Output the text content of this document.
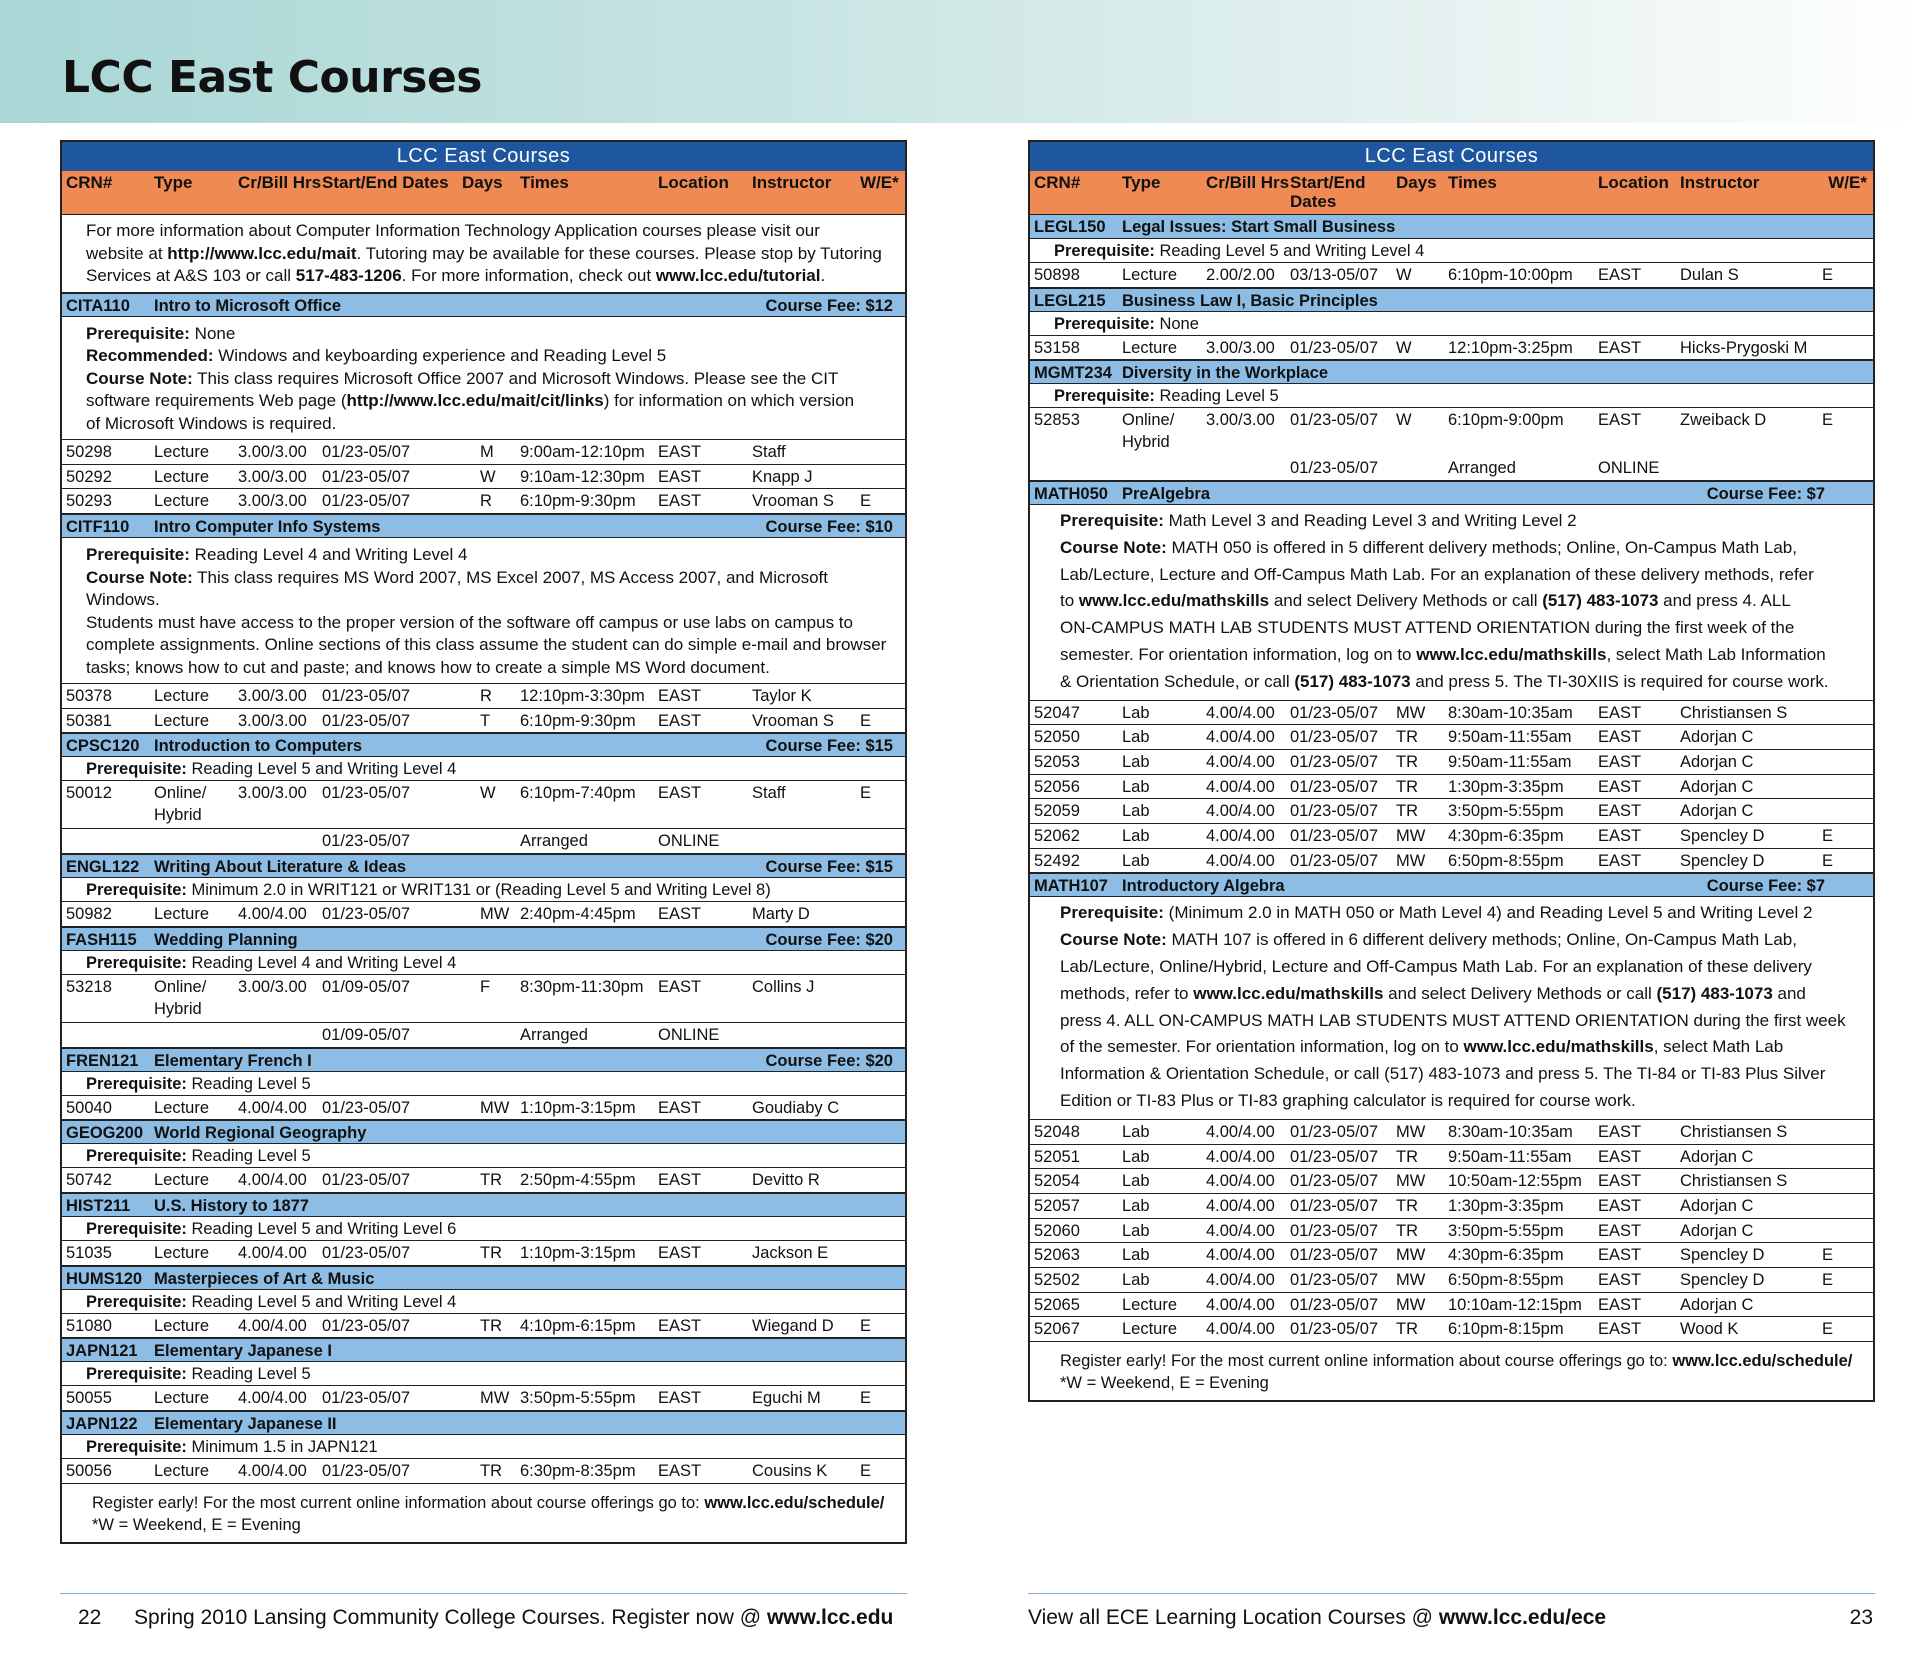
LCC East Courses
LCC East Courses
CRN#	Type	Cr/Bill Hrs Start/End Dates Days	Times	Location	Instructor	W/E*
For more information about Computer Information Technology Application courses please visit our
website at http://www.lcc.edu/mait. Tutoring may be available for these courses. Please stop by Tutoring
Services at A&S 103 or call 517-483-1206. For more information, check out www.lcc.edu/tutorial.
CITA110	Intro to Microsoft Office	Course Fee: $12
Prerequisite: None
Recommended: Windows and keyboarding experience and Reading Level 5
Course Note: This class requires Microsoft Office 2007 and Microsoft Windows. Please see the CIT
software requirements Web page (http://www.lcc.edu/mait/cit/links) for information on which version
of Microsoft Windows is required.
50298	Lecture	3.00/3.00 01/23-05/07	M	9:00am-12:10pm EAST	Staff
50292	Lecture	3.00/3.00 01/23-05/07	W	9:10am-12:30pm EAST	Knapp J
50293	Lecture	3.00/3.00 01/23-05/07	R	6:10pm-9:30pm	EAST	Vrooman S	E
CITF110	Intro Computer Info Systems	Course Fee: $10
Prerequisite: Reading Level 4 and Writing Level 4
Course Note: This class requires MS Word 2007, MS Excel 2007, MS Access 2007, and Microsoft Windows.
Students must have access to the proper version of the software off campus or use labs on campus to
complete assignments. Online sections of this class assume the student can do simple e-mail and browser
tasks; knows how to cut and paste; and knows how to create a simple MS Word document.
50378	Lecture	3.00/3.00 01/23-05/07	R	12:10pm-3:30pm EAST	Taylor K
50381	Lecture	3.00/3.00 01/23-05/07	T	6:10pm-9:30pm	EAST	Vrooman S	E
CPSC120 Introduction to Computers	Course Fee: $15
Prerequisite: Reading Level 5 and Writing Level 4
50012	Online/ Hybrid
3.00/3.00 01/23-05/07	W	6:10pm-7:40pm	EAST	Staff	E
01/23-05/07	Arranged	ONLINE
ENGL122 Writing About Literature & Ideas	Course Fee: $15
Prerequisite: Minimum 2.0 in WRIT121 or WRIT131 or (Reading Level 5 and Writing Level 8)
50982	Lecture	4.00/4.00 01/23-05/07	MW 2:40pm-4:45pm	EAST	Marty D
FASH115	Wedding Planning	Course Fee: $20
Prerequisite: Reading Level 4 and Writing Level 4
53218	Online/ Hybrid
3.00/3.00 01/09-05/07	F	8:30pm-11:30pm EAST	Collins J
01/09-05/07	Arranged	ONLINE
FREN121 Elementary French I	Course Fee: $20
Prerequisite: Reading Level 5
50040	Lecture	4.00/4.00 01/23-05/07	MW 1:10pm-3:15pm	EAST	Goudiaby C
GEOG200 World Regional Geography
Prerequisite: Reading Level 5
50742	Lecture	4.00/4.00 01/23-05/07	TR	2:50pm-4:55pm	EAST	Devitto R
HIST211	U.S. History to 1877
Prerequisite: Reading Level 5 and Writing Level 6
51035	Lecture	4.00/4.00 01/23-05/07	TR	1:10pm-3:15pm	EAST	Jackson E
HUMS120 Masterpieces of Art & Music
Prerequisite: Reading Level 5 and Writing Level 4
51080	Lecture	4.00/4.00 01/23-05/07	TR	4:10pm-6:15pm	EAST	Wiegand D	E
JAPN121 Elementary Japanese I
Prerequisite: Reading Level 5
50055	Lecture	4.00/4.00 01/23-05/07	MW 3:50pm-5:55pm	EAST	Eguchi M	E
JAPN122 Elementary Japanese II
Prerequisite: Minimum 1.5 in JAPN121
50056	Lecture	4.00/4.00 01/23-05/07	TR	6:30pm-8:35pm	EAST	Cousins K	E
Register early! For the most current online information about course offerings go to: www.lcc.edu/schedule/
*W = Weekend, E = Evening
LCC East Courses
CRN#	Type	Cr/Bill Hrs Start/End Dates
Days Times	Location Instructor	W/E*
LEGL150 Legal Issues: Start Small Business
Prerequisite: Reading Level 5 and Writing Level 4
50898	Lecture	2.00/2.00 03/13-05/07	W	6:10pm-10:00pm	EAST	Dulan S	E
LEGL215 Business Law I, Basic Principles
Prerequisite: None
53158	Lecture	3.00/3.00 01/23-05/07	W	12:10pm-3:25pm	EAST	Hicks-Prygoski M
MGMT234 Diversity in the Workplace
Prerequisite: Reading Level 5
52853	Online/ Hybrid
3.00/3.00 01/23-05/07	W	6:10pm-9:00pm	EAST	Zweiback D	E
01/23-05/07	Arranged	ONLINE
MATH050 PreAlgebra	Course Fee: $7
Prerequisite: Math Level 3 and Reading Level 3 and Writing Level 2
Course Note: MATH 050 is offered in 5 different delivery methods; Online, On-Campus Math Lab,
Lab/Lecture, Lecture and Off-Campus Math Lab. For an explanation of these delivery methods, refer
to www.lcc.edu/mathskills and select Delivery Methods or call (517) 483-1073 and press 4. ALL
ON-CAMPUS MATH LAB STUDENTS MUST ATTEND ORIENTATION during the first week of the
semester. For orientation information, log on to www.lcc.edu/mathskills, select Math Lab Information
& Orientation Schedule, or call (517) 483-1073 and press 5. The TI-30XIIS is required for course work.
52047	Lab	4.00/4.00 01/23-05/07	MW	8:30am-10:35am	EAST	Christiansen S
52050	Lab	4.00/4.00 01/23-05/07	TR	9:50am-11:55am	EAST	Adorjan C
52053	Lab	4.00/4.00 01/23-05/07	TR	9:50am-11:55am	EAST	Adorjan C
52056	Lab	4.00/4.00 01/23-05/07	TR	1:30pm-3:35pm	EAST	Adorjan C
52059	Lab	4.00/4.00 01/23-05/07	TR	3:50pm-5:55pm	EAST	Adorjan C
52062	Lab	4.00/4.00 01/23-05/07	MW	4:30pm-6:35pm	EAST	Spencley D	E
52492	Lab	4.00/4.00 01/23-05/07	MW	6:50pm-8:55pm	EAST	Spencley D	E
MATH107 Introductory Algebra	Course Fee: $7
Prerequisite: (Minimum 2.0 in MATH 050 or Math Level 4) and Reading Level 5 and Writing Level 2
Course Note: MATH 107 is offered in 6 different delivery methods; Online, On-Campus Math Lab,
Lab/Lecture, Online/Hybrid, Lecture and Off-Campus Math Lab. For an explanation of these delivery
methods, refer to www.lcc.edu/mathskills and select Delivery Methods or call (517) 483-1073 and
press 4. ALL ON-CAMPUS MATH LAB STUDENTS MUST ATTEND ORIENTATION during the first week
of the semester. For orientation information, log on to www.lcc.edu/mathskills, select Math Lab
Information & Orientation Schedule, or call (517) 483-1073 and press 5. The TI-84 or TI-83 Plus Silver
Edition or TI-83 Plus or TI-83 graphing calculator is required for course work.
52048	Lab	4.00/4.00 01/23-05/07	MW	8:30am-10:35am	EAST	Christiansen S
52051	Lab	4.00/4.00 01/23-05/07	TR	9:50am-11:55am	EAST	Adorjan C
52054	Lab	4.00/4.00 01/23-05/07	MW	10:50am-12:55pm EAST	Christiansen S
52057	Lab	4.00/4.00 01/23-05/07	TR	1:30pm-3:35pm	EAST	Adorjan C
52060	Lab	4.00/4.00 01/23-05/07	TR	3:50pm-5:55pm	EAST	Adorjan C
52063	Lab	4.00/4.00 01/23-05/07	MW	4:30pm-6:35pm	EAST	Spencley D	E
52502	Lab	4.00/4.00 01/23-05/07	MW	6:50pm-8:55pm	EAST	Spencley D	E
52065	Lecture	4.00/4.00 01/23-05/07	MW	10:10am-12:15pm EAST	Adorjan C
52067	Lecture	4.00/4.00 01/23-05/07	TR	6:10pm-8:15pm	EAST	Wood K	E
Register early! For the most current online information about course offerings go to: www.lcc.edu/schedule/
*W = Weekend, E = Evening
22 Spring 2010 Lansing Community College Courses. Register now @ www.lcc.edu	View all ECE Learning Location Courses @ www.lcc.edu/ece	23
